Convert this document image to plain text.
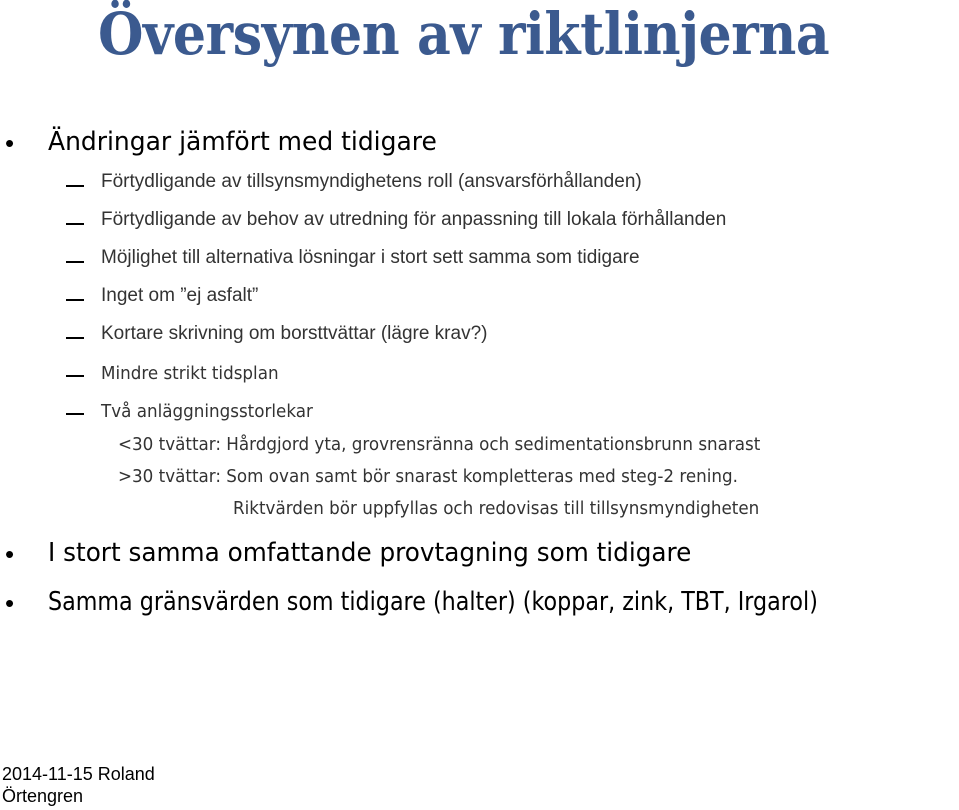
Översynen av riktlinjerna
• Ändringar jämfört med tidigare
Förtydligande av tillsynsmyndighetens roll (ansvarsförhållanden)
Förtydligande av behov av utredning för anpassning till lokala förhållanden
Möjlighet till alternativa lösningar i stort sett samma som tidigare
Inget om ”ej asfalt”
Kortare skrivning om borsttvättar (lägre krav?)
Mindre strikt tidsplan
Två anläggningsstorlekar
<30 tvättar: Hårdgjord yta, grovrensränna och sedimentationsbrunn snarast
>30 tvättar: Som ovan samt bör snarast kompletteras med steg-2 rening.
Riktvärden bör uppfyllas och redovisas till tillsynsmyndigheten
• I stort samma omfattande provtagning som tidigare
• Samma gränsvärden som tidigare (halter) (koppar, zink, TBT, Irgarol)
2014-11-15 Roland
Örtengren
